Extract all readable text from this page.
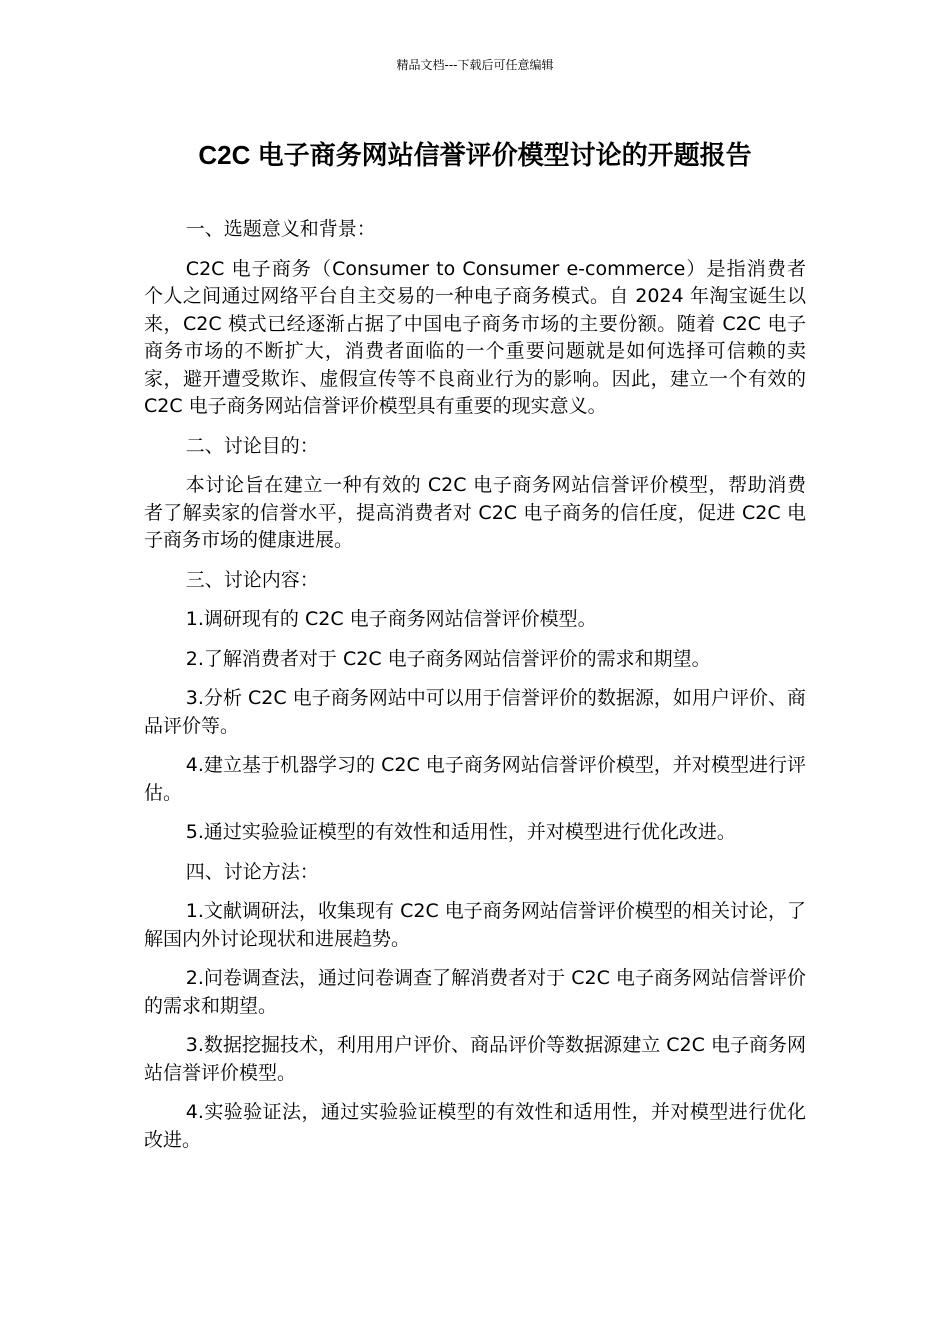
精品文档---下载后可任意编辑
C2C 电子商务网站信誉评价模型讨论的开题报告

一、选题意义和背景：

C2C 电子商务（Consumer to Consumer e-commerce）是指消费者个人之间通过网络平台自主交易的一种电子商务模式。自 2024 年淘宝诞生以来，C2C 模式已经逐渐占据了中国电子商务市场的主要份额。随着 C2C 电子商务市场的不断扩大，消费者面临的一个重要问题就是如何选择可信赖的卖家，避开遭受欺诈、虚假宣传等不良商业行为的影响。因此，建立一个有效的 C2C 电子商务网站信誉评价模型具有重要的现实意义。

二、讨论目的：

本讨论旨在建立一种有效的 C2C 电子商务网站信誉评价模型，帮助消费者了解卖家的信誉水平，提高消费者对 C2C 电子商务的信任度，促进 C2C 电子商务市场的健康进展。

三、讨论内容：

1.调研现有的 C2C 电子商务网站信誉评价模型。

2.了解消费者对于 C2C 电子商务网站信誉评价的需求和期望。

3.分析 C2C 电子商务网站中可以用于信誉评价的数据源，如用户评价、商品评价等。

4.建立基于机器学习的 C2C 电子商务网站信誉评价模型，并对模型进行评估。

5.通过实验验证模型的有效性和适用性，并对模型进行优化改进。

四、讨论方法：

1.文献调研法，收集现有 C2C 电子商务网站信誉评价模型的相关讨论，了解国内外讨论现状和进展趋势。

2.问卷调查法，通过问卷调查了解消费者对于 C2C 电子商务网站信誉评价的需求和期望。

3.数据挖掘技术，利用用户评价、商品评价等数据源建立 C2C 电子商务网站信誉评价模型。

4.实验验证法，通过实验验证模型的有效性和适用性，并对模型进行优化改进。
